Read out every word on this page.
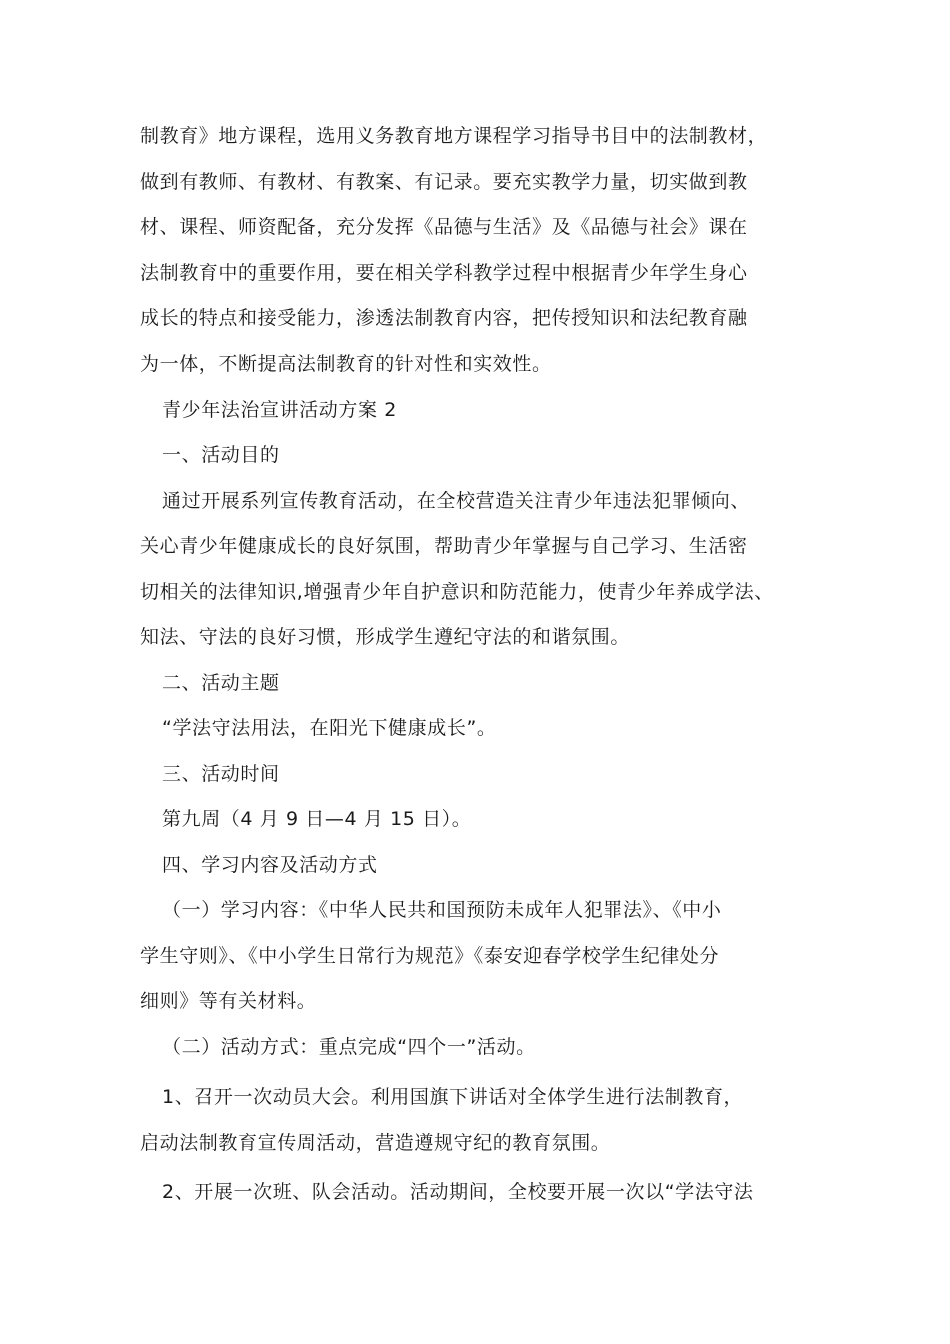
制教育》地方课程，选用义务教育地方课程学习指导书目中的法制教材，
做到有教师、有教材、有教案、有记录。要充实教学力量，切实做到教
材、课程、师资配备，充分发挥《品德与生活》及《品德与社会》课在
法制教育中的重要作用，要在相关学科教学过程中根据青少年学生身心
成长的特点和接受能力，渗透法制教育内容，把传授知识和法纪教育融
为一体，不断提高法制教育的针对性和实效性。
青少年法治宣讲活动方案 2
一、活动目的
通过开展系列宣传教育活动，在全校营造关注青少年违法犯罪倾向、
关心青少年健康成长的良好氛围，帮助青少年掌握与自己学习、生活密
切相关的法律知识,增强青少年自护意识和防范能力，使青少年养成学法、
知法、守法的良好习惯，形成学生遵纪守法的和谐氛围。
二、活动主题
“学法守法用法，在阳光下健康成长”。
三、活动时间
第九周（4 月 9 日—4 月 15 日）。
四、学习内容及活动方式
（一）学习内容：《中华人民共和国预防未成年人犯罪法》、《中小
学生守则》、《中小学生日常行为规范》《泰安迎春学校学生纪律处分
细则》等有关材料。
（二）活动方式：重点完成“四个一”活动。
1、召开一次动员大会。利用国旗下讲话对全体学生进行法制教育，
启动法制教育宣传周活动，营造遵规守纪的教育氛围。
2、开展一次班、队会活动。活动期间，全校要开展一次以“学法守法
